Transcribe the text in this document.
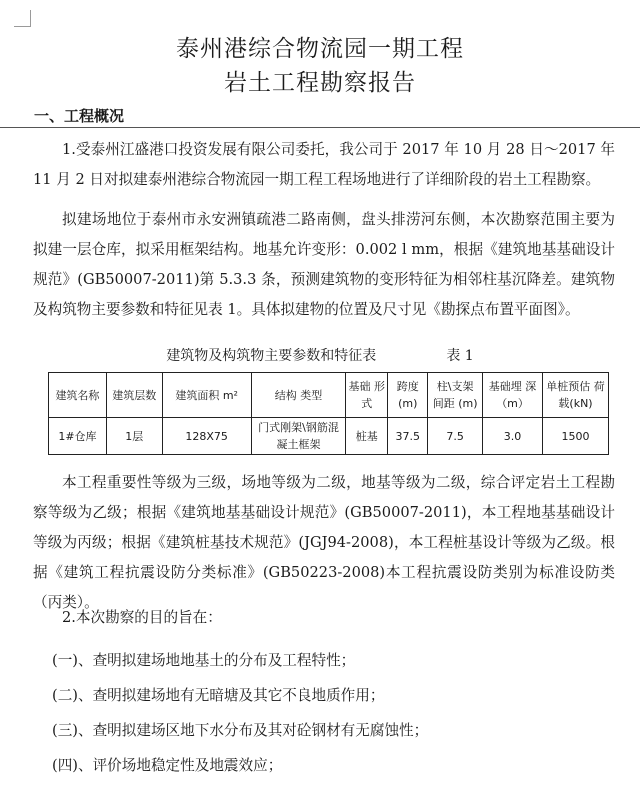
泰州港综合物流园一期工程
岩土工程勘察报告
一、工程概况
1.受泰州江盛港口投资发展有限公司委托，我公司于 2017 年 10 月 28 日～2017 年 11 月 2 日对拟建泰州港综合物流园一期工程工程场地进行了详细阶段的岩土工程勘察。
拟建场地位于泰州市永安洲镇疏港二路南侧，盘头排涝河东侧，本次勘察范围主要为拟建一层仓库，拟采用框架结构。地基允许变形：0.002 l mm，根据《建筑地基基础设计规范》(GB50007-2011)第 5.3.3 条，预测建筑物的变形特征为相邻柱基沉降差。建筑物及构筑物主要参数和特征见表 1。具体拟建物的位置及尺寸见《勘探点布置平面图》。
建筑物及构筑物主要参数和特征表	表 1
建筑名称	建筑层数	建筑面积 m²	结构 类型	基础 形式	跨度 (m)	柱\支架 间距 (m)	基础埋 深（m）	单桩预估 荷载(kN)
1#仓库	1层	128X75	门式刚架\钢筋混凝土框架	桩基	37.5	7.5	3.0	1500
本工程重要性等级为三级，场地等级为二级，地基等级为二级，综合评定岩土工程勘察等级为乙级；根据《建筑地基基础设计规范》(GB50007-2011)，本工程地基基础设计等级为丙级；根据《建筑桩基技术规范》(JGJ94-2008)，本工程桩基设计等级为乙级。根据《建筑工程抗震设防分类标准》(GB50223-2008)本工程抗震设防类别为标准设防类（丙类）。
2.本次勘察的目的旨在：
(一)、查明拟建场地地基土的分布及工程特性；
(二)、查明拟建场地有无暗塘及其它不良地质作用；
(三)、查明拟建场区地下水分布及其对砼钢材有无腐蚀性；
(四)、评价场地稳定性及地震效应；
